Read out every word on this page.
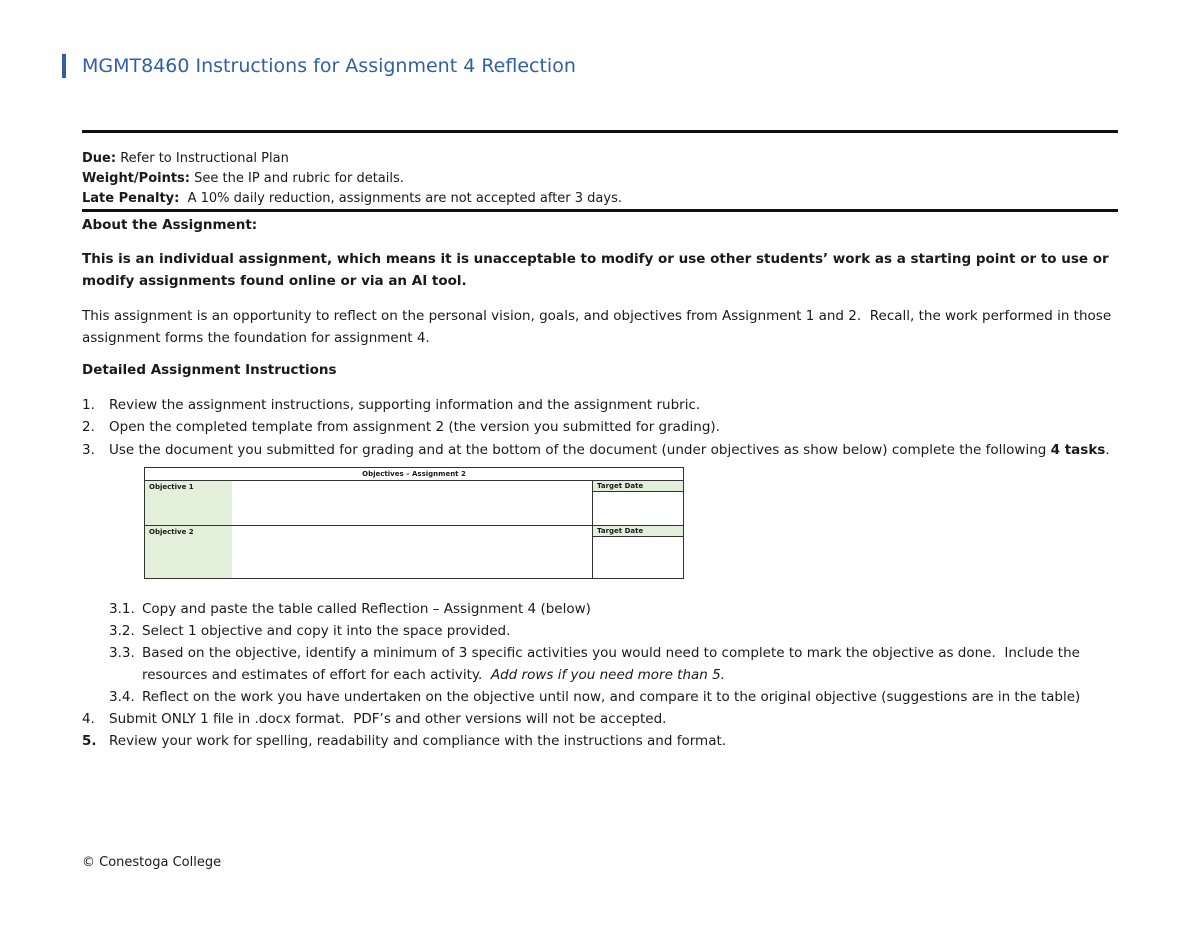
MGMT8460 Instructions for Assignment 4 Reflection
Due: Refer to Instructional Plan
Weight/Points: See the IP and rubric for details.
Late Penalty:  A 10% daily reduction, assignments are not accepted after 3 days.
About the Assignment:
This is an individual assignment, which means it is unacceptable to modify or use other students’ work as a starting point or to use or modify assignments found online or via an AI tool.
This assignment is an opportunity to reflect on the personal vision, goals, and objectives from Assignment 1 and 2.  Recall, the work performed in those assignment forms the foundation for assignment 4.
Detailed Assignment Instructions
1. Review the assignment instructions, supporting information and the assignment rubric.
2. Open the completed template from assignment 2 (the version you submitted for grading).
3. Use the document you submitted for grading and at the bottom of the document (under objectives as show below) complete the following 4 tasks.
Objectives – Assignment 2
Objective 1	Target Date
Objective 2	Target Date
3.1. Copy and paste the table called Reflection – Assignment 4 (below)
3.2. Select 1 objective and copy it into the space provided.
3.3. Based on the objective, identify a minimum of 3 specific activities you would need to complete to mark the objective as done.  Include the
resources and estimates of effort for each activity.  Add rows if you need more than 5.
3.4. Reflect on the work you have undertaken on the objective until now, and compare it to the original objective (suggestions are in the table)
4. Submit ONLY 1 file in .docx format.  PDF’s and other versions will not be accepted.
5. Review your work for spelling, readability and compliance with the instructions and format.
© Conestoga College
